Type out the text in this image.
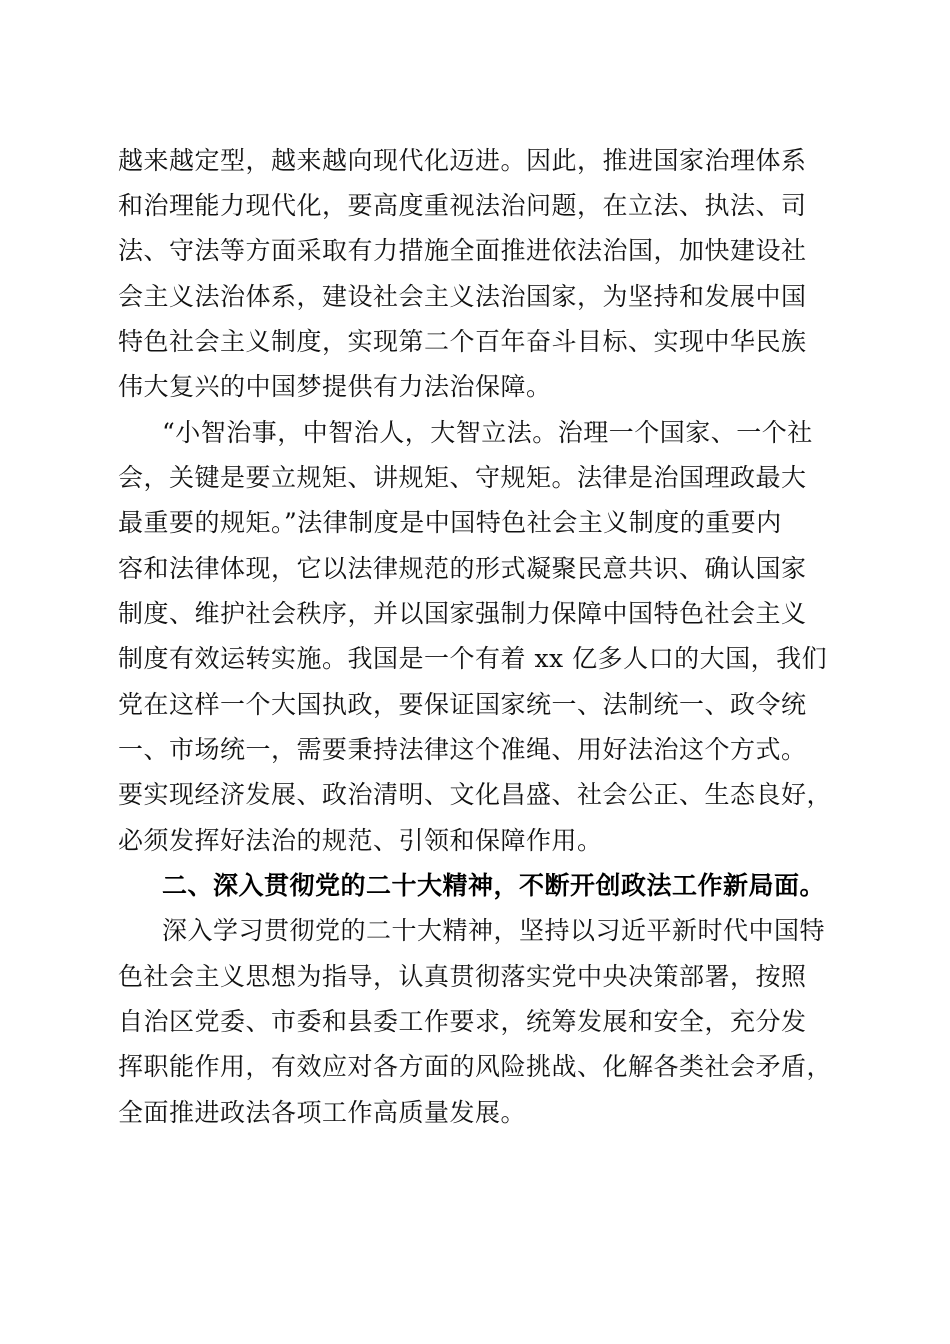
越来越定型，越来越向现代化迈进。因此，推进国家治理体系
和治理能力现代化，要高度重视法治问题，在立法、执法、司
法、守法等方面采取有力措施全面推进依法治国，加快建设社
会主义法治体系，建设社会主义法治国家，为坚持和发展中国
特色社会主义制度，实现第二个百年奋斗目标、实现中华民族
伟大复兴的中国梦提供有力法治保障。
“小智治事，中智治人，大智立法。治理一个国家、一个社
会，关键是要立规矩、讲规矩、守规矩。法律是治国理政最大
最重要的规矩。”法律制度是中国特色社会主义制度的重要内
容和法律体现，它以法律规范的形式凝聚民意共识、确认国家
制度、维护社会秩序，并以国家强制力保障中国特色社会主义
制度有效运转实施。我国是一个有着 xx 亿多人口的大国，我们
党在这样一个大国执政，要保证国家统一、法制统一、政令统
一、市场统一，需要秉持法律这个准绳、用好法治这个方式。
要实现经济发展、政治清明、文化昌盛、社会公正、生态良好，
必须发挥好法治的规范、引领和保障作用。
二、深入贯彻党的二十大精神，不断开创政法工作新局面。
深入学习贯彻党的二十大精神，坚持以习近平新时代中国特
色社会主义思想为指导，认真贯彻落实党中央决策部署，按照
自治区党委、市委和县委工作要求，统筹发展和安全，充分发
挥职能作用，有效应对各方面的风险挑战、化解各类社会矛盾，
全面推进政法各项工作高质量发展。
